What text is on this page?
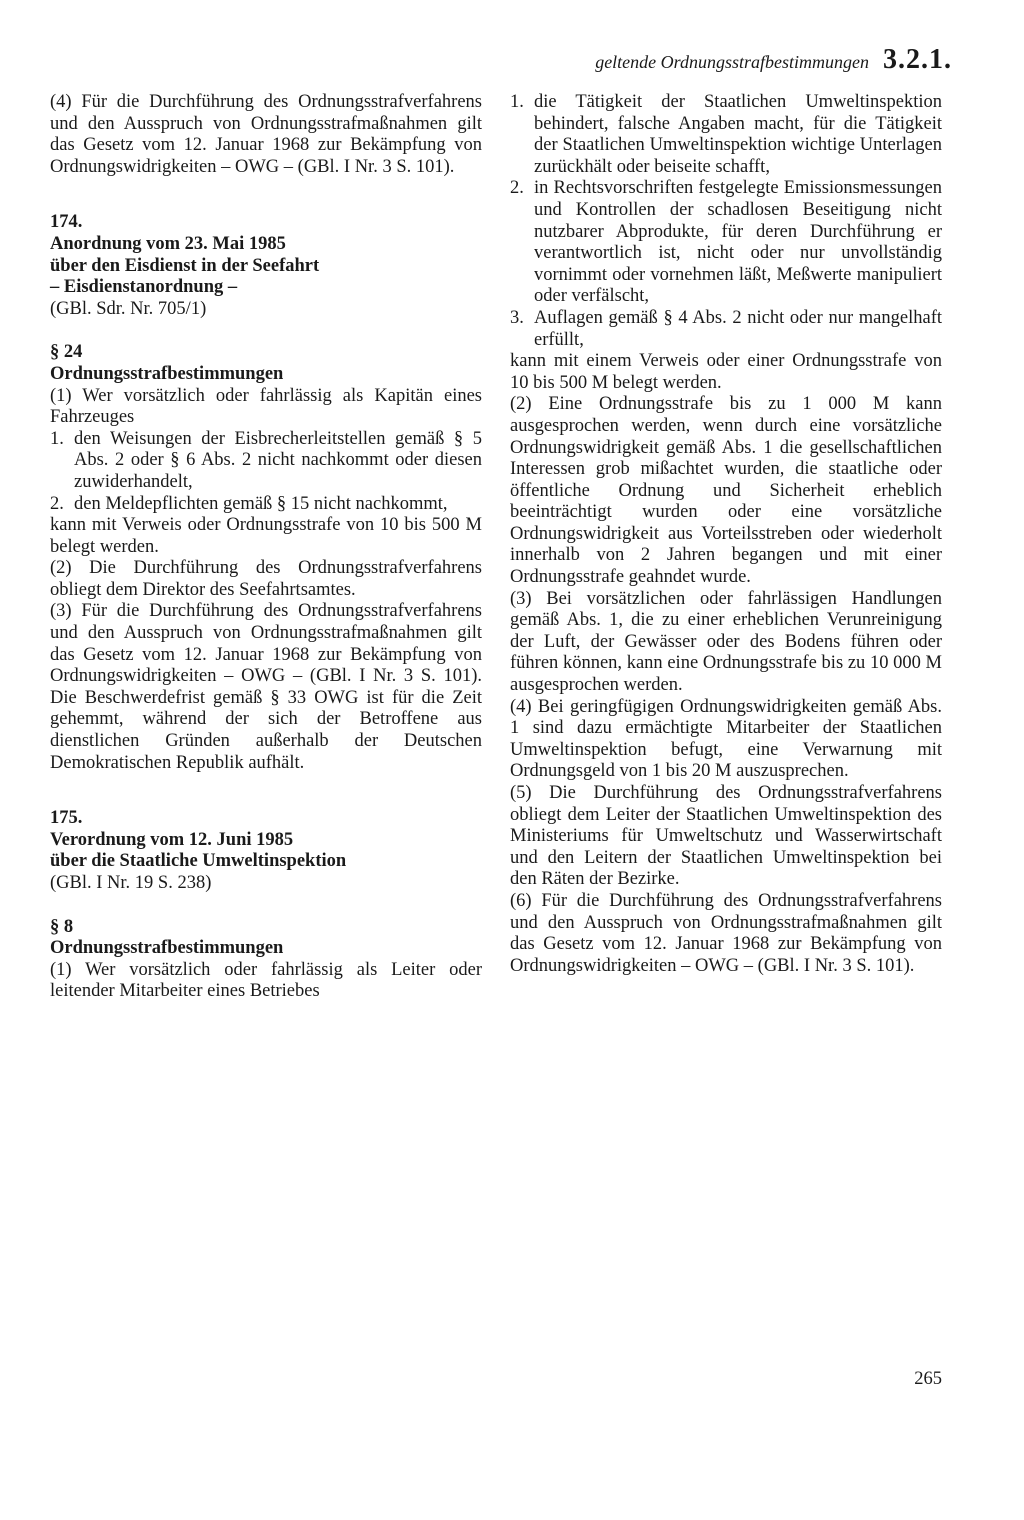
geltende Ordnungsstrafbestimmungen 3.2.1.

(4) Für die Durchführung des Ordnungsstrafverfahrens und den Ausspruch von Ordnungsstrafmaßnahmen gilt das Gesetz vom 12. Januar 1968 zur Bekämpfung von Ordnungswidrigkeiten – OWG – (GBl. I Nr. 3 S. 101).

174.

Anordnung vom 23. Mai 1985

über den Eisdienst in der Seefahrt

– Eisdienstanordnung –

(GBl. Sdr. Nr. 705/1)

§ 24

Ordnungsstrafbestimmungen

(1) Wer vorsätzlich oder fahrlässig als Kapitän eines Fahrzeuges

1. den Weisungen der Eisbrecherleitstellen gemäß § 5 Abs. 2 oder § 6 Abs. 2 nicht nachkommt oder diesen zuwiderhandelt,
2. den Meldepflichten gemäß § 15 nicht nachkommt,

kann mit Verweis oder Ordnungsstrafe von 10 bis 500 M belegt werden.

(2) Die Durchführung des Ordnungsstrafverfahrens obliegt dem Direktor des Seefahrtsamtes.

(3) Für die Durchführung des Ordnungsstrafverfahrens und den Ausspruch von Ordnungsstrafmaßnahmen gilt das Gesetz vom 12. Januar 1968 zur Bekämpfung von Ordnungswidrigkeiten – OWG – (GBl. I Nr. 3 S. 101). Die Beschwerdefrist gemäß § 33 OWG ist für die Zeit gehemmt, während der sich der Betroffene aus dienstlichen Gründen außerhalb der Deutschen Demokratischen Republik aufhält.

175.

Verordnung vom 12. Juni 1985

über die Staatliche Umweltinspektion

(GBl. I Nr. 19 S. 238)

§ 8

Ordnungsstrafbestimmungen

(1) Wer vorsätzlich oder fahrlässig als Leiter oder leitender Mitarbeiter eines Betriebes

1. die Tätigkeit der Staatlichen Umweltinspektion behindert, falsche Angaben macht, für die Tätigkeit der Staatlichen Umweltinspektion wichtige Unterlagen zurückhält oder beiseite schafft,
2. in Rechtsvorschriften festgelegte Emissionsmessungen und Kontrollen der schadlosen Beseitigung nicht nutzbarer Abprodukte, für deren Durchführung er verantwortlich ist, nicht oder nur unvollständig vornimmt oder vornehmen läßt, Meßwerte manipuliert oder verfälscht,
3. Auflagen gemäß § 4 Abs. 2 nicht oder nur mangelhaft erfüllt,

kann mit einem Verweis oder einer Ordnungsstrafe von 10 bis 500 M belegt werden.

(2) Eine Ordnungsstrafe bis zu 1 000 M kann ausgesprochen werden, wenn durch eine vorsätzliche Ordnungswidrigkeit gemäß Abs. 1 die gesellschaftlichen Interessen grob mißachtet wurden, die staatliche oder öffentliche Ordnung und Sicherheit erheblich beeinträchtigt wurden oder eine vorsätzliche Ordnungswidrigkeit aus Vorteilsstreben oder wiederholt innerhalb von 2 Jahren begangen und mit einer Ordnungsstrafe geahndet wurde.

(3) Bei vorsätzlichen oder fahrlässigen Handlungen gemäß Abs. 1, die zu einer erheblichen Verunreinigung der Luft, der Gewässer oder des Bodens führen oder führen können, kann eine Ordnungsstrafe bis zu 10 000 M ausgesprochen werden.

(4) Bei geringfügigen Ordnungswidrigkeiten gemäß Abs. 1 sind dazu ermächtigte Mitarbeiter der Staatlichen Umweltinspektion befugt, eine Verwarnung mit Ordnungsgeld von 1 bis 20 M auszusprechen.

(5) Die Durchführung des Ordnungsstrafverfahrens obliegt dem Leiter der Staatlichen Umweltinspektion des Ministeriums für Umweltschutz und Wasserwirtschaft und den Leitern der Staatlichen Umweltinspektion bei den Räten der Bezirke.

(6) Für die Durchführung des Ordnungsstrafverfahrens und den Ausspruch von Ordnungsstrafmaßnahmen gilt das Gesetz vom 12. Januar 1968 zur Bekämpfung von Ordnungswidrigkeiten – OWG – (GBl. I Nr. 3 S. 101).

265
